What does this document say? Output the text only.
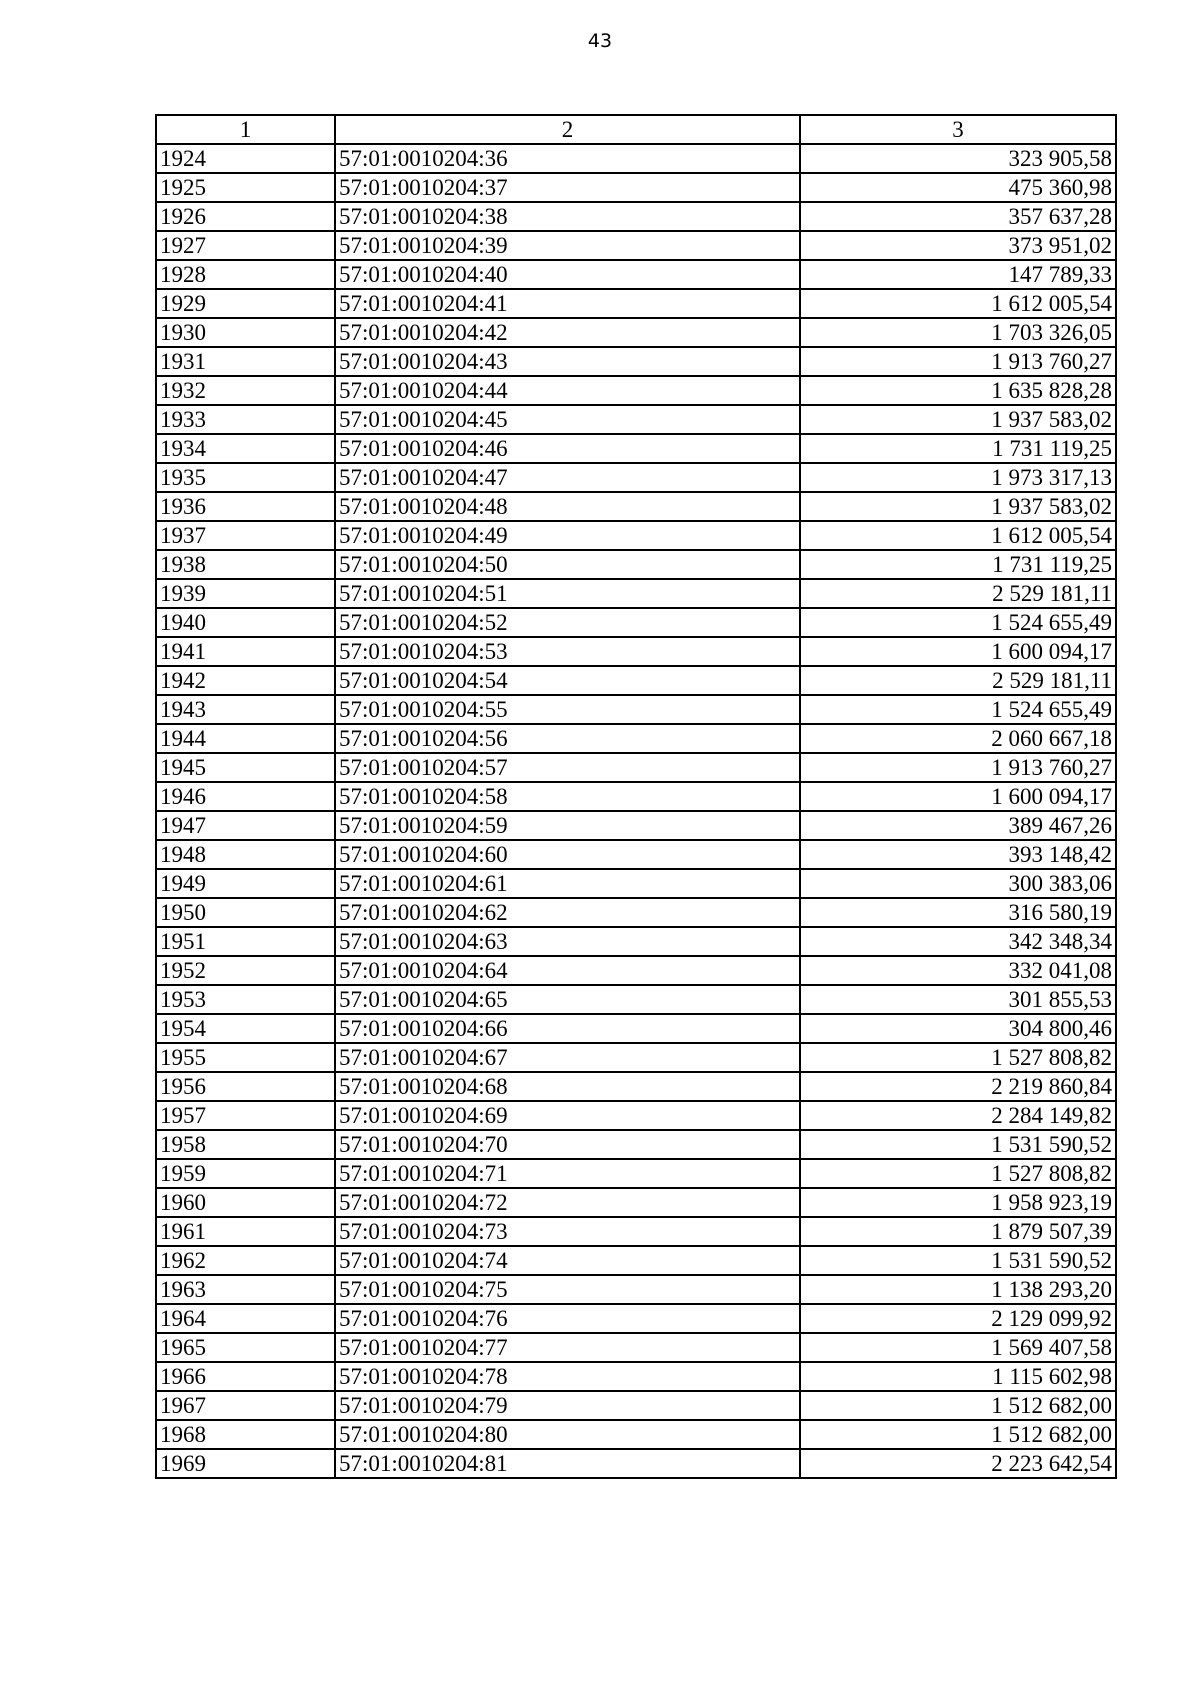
43
1	2	3
1924	57:01:0010204:36	323 905,58
1925	57:01:0010204:37	475 360,98
1926	57:01:0010204:38	357 637,28
1927	57:01:0010204:39	373 951,02
1928	57:01:0010204:40	147 789,33
1929	57:01:0010204:41	1 612 005,54
1930	57:01:0010204:42	1 703 326,05
1931	57:01:0010204:43	1 913 760,27
1932	57:01:0010204:44	1 635 828,28
1933	57:01:0010204:45	1 937 583,02
1934	57:01:0010204:46	1 731 119,25
1935	57:01:0010204:47	1 973 317,13
1936	57:01:0010204:48	1 937 583,02
1937	57:01:0010204:49	1 612 005,54
1938	57:01:0010204:50	1 731 119,25
1939	57:01:0010204:51	2 529 181,11
1940	57:01:0010204:52	1 524 655,49
1941	57:01:0010204:53	1 600 094,17
1942	57:01:0010204:54	2 529 181,11
1943	57:01:0010204:55	1 524 655,49
1944	57:01:0010204:56	2 060 667,18
1945	57:01:0010204:57	1 913 760,27
1946	57:01:0010204:58	1 600 094,17
1947	57:01:0010204:59	389 467,26
1948	57:01:0010204:60	393 148,42
1949	57:01:0010204:61	300 383,06
1950	57:01:0010204:62	316 580,19
1951	57:01:0010204:63	342 348,34
1952	57:01:0010204:64	332 041,08
1953	57:01:0010204:65	301 855,53
1954	57:01:0010204:66	304 800,46
1955	57:01:0010204:67	1 527 808,82
1956	57:01:0010204:68	2 219 860,84
1957	57:01:0010204:69	2 284 149,82
1958	57:01:0010204:70	1 531 590,52
1959	57:01:0010204:71	1 527 808,82
1960	57:01:0010204:72	1 958 923,19
1961	57:01:0010204:73	1 879 507,39
1962	57:01:0010204:74	1 531 590,52
1963	57:01:0010204:75	1 138 293,20
1964	57:01:0010204:76	2 129 099,92
1965	57:01:0010204:77	1 569 407,58
1966	57:01:0010204:78	1 115 602,98
1967	57:01:0010204:79	1 512 682,00
1968	57:01:0010204:80	1 512 682,00
1969	57:01:0010204:81	2 223 642,54
